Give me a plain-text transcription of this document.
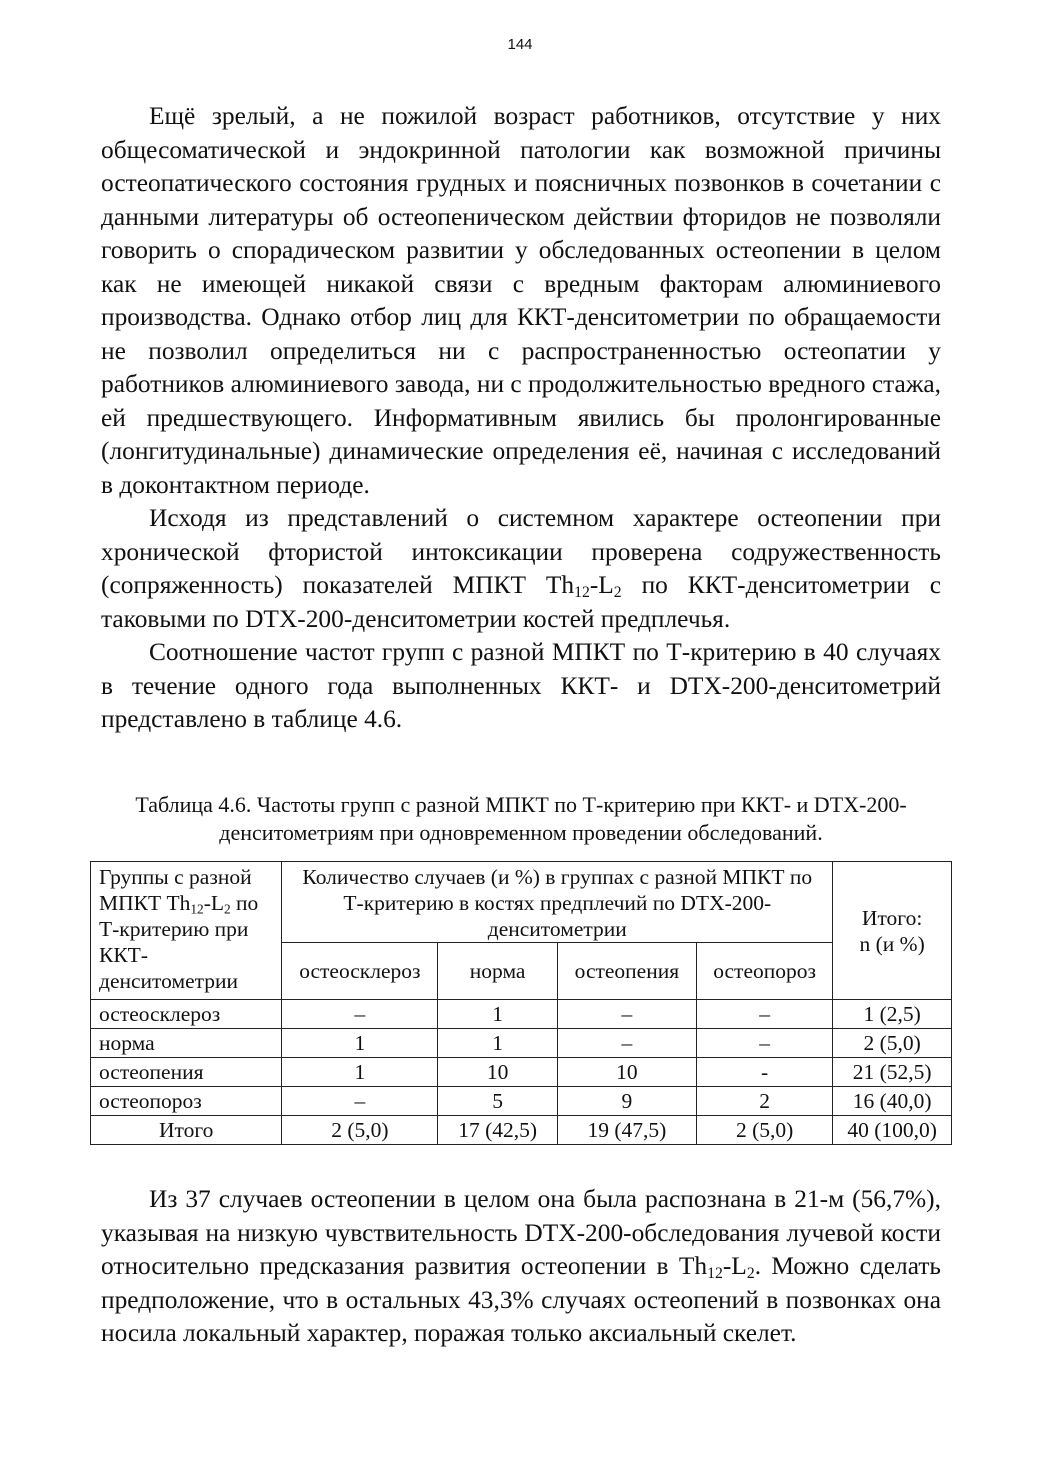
144

Ещё зрелый, а не пожилой возраст работников, отсутствие у них общесоматической и эндокринной патологии как возможной причины остеопатического состояния грудных и поясничных позвонков в сочетании с данными литературы об остеопеническом действии фторидов не позволяли говорить о спорадическом развитии у обследованных остеопении в целом как не имеющей никакой связи с вредным факторам алюминиевого производства. Однако отбор лиц для ККТ-денситометрии по обращаемости не позволил определиться ни с распространенностью остеопатии у работников алюминиевого завода, ни с продолжительностью вредного стажа, ей предшествующего. Информативным явились бы пролонгированные (лонгитудинальные) динамические определения её, начиная с исследований в доконтактном периоде.

Исходя из представлений о системном характере остеопении при хронической фтористой интоксикации проверена содружественность (сопряженность) показателей МПКТ $Th_{12}-L_2$ по ККТ-денситометрии с таковыми по DTX-200-денситометрии костей предплечья.

Соотношение частот групп с разной МПКТ по Т-критерию в 40 случаях в течение одного года выполненных ККТ- и DTX-200-денситометрий представлено в таблице 4.6.

Таблица 4.6. Частоты групп с разной МПКТ по Т-критерию при ККТ- и DTX-200-денситометриям при одновременном проведении обследований.

Группы с разной МПКТ $Th_{12}-L_2$ по Т-критерию при ККТ-денситометрии	Количество случаев (и %) в группах с разной МПКТ по Т-критерию в костях предплечий по DTX-200-денситометрии				Итого:
n (и %)
	остеосклероз	норма	остеопения	остеопороз	
остеосклероз	–	1	–	–	1 (2,5)
норма	1	1	–	–	2 (5,0)
остеопения	1	10	10	-	21 (52,5)
остеопороз	–	5	9	2	16 (40,0)
Итого	2 (5,0)	17 (42,5)	19 (47,5)	2 (5,0)	40 (100,0)

Из 37 случаев остеопении в целом она была распознана в 21-м (56,7%), указывая на низкую чувствительность DTX-200-обследования лучевой кости относительно предсказания развития остеопении в $Th_{12}-L_2$. Можно сделать предположение, что в остальных 43,3% случаях остеопений в позвонках она носила локальный характер, поражая только аксиальный скелет.
